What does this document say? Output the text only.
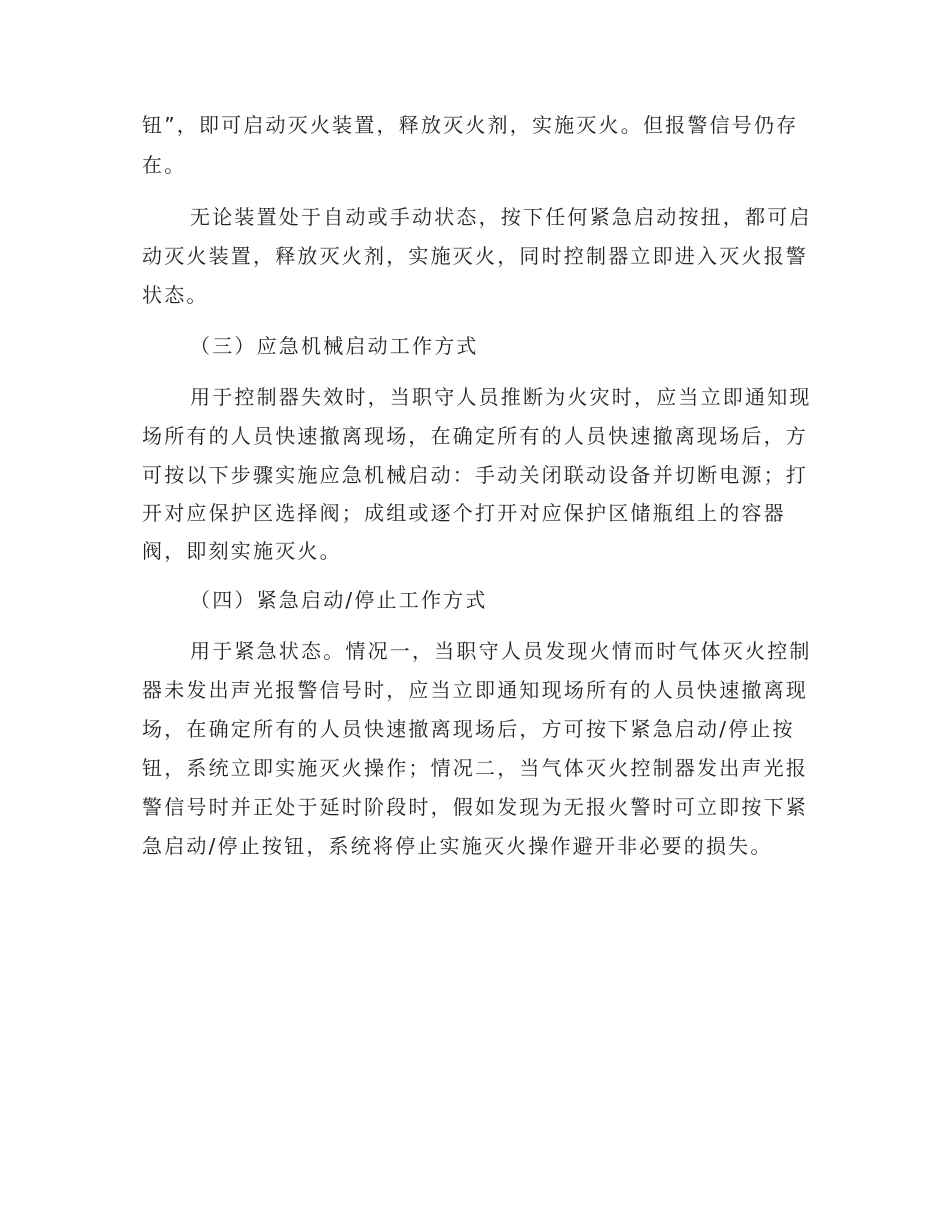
钮”，即可启动灭火装置，释放灭火剂，实施灭火。但报警信号仍存
在。
无论装置处于自动或手动状态，按下任何紧急启动按扭，都可启
动灭火装置，释放灭火剂，实施灭火，同时控制器立即进入灭火报警
状态。
（三）应急机械启动工作方式
用于控制器失效时，当职守人员推断为火灾时，应当立即通知现
场所有的人员快速撤离现场，在确定所有的人员快速撤离现场后，方
可按以下步骤实施应急机械启动：手动关闭联动设备并切断电源；打
开对应保护区选择阀；成组或逐个打开对应保护区储瓶组上的容器
阀，即刻实施灭火。
（四）紧急启动/停止工作方式
用于紧急状态。情况一，当职守人员发现火情而时气体灭火控制
器未发出声光报警信号时，应当立即通知现场所有的人员快速撤离现
场，在确定所有的人员快速撤离现场后，方可按下紧急启动/停止按
钮，系统立即实施灭火操作；情况二，当气体灭火控制器发出声光报
警信号时并正处于延时阶段时，假如发现为无报火警时可立即按下紧
急启动/停止按钮，系统将停止实施灭火操作避开非必要的损失。
